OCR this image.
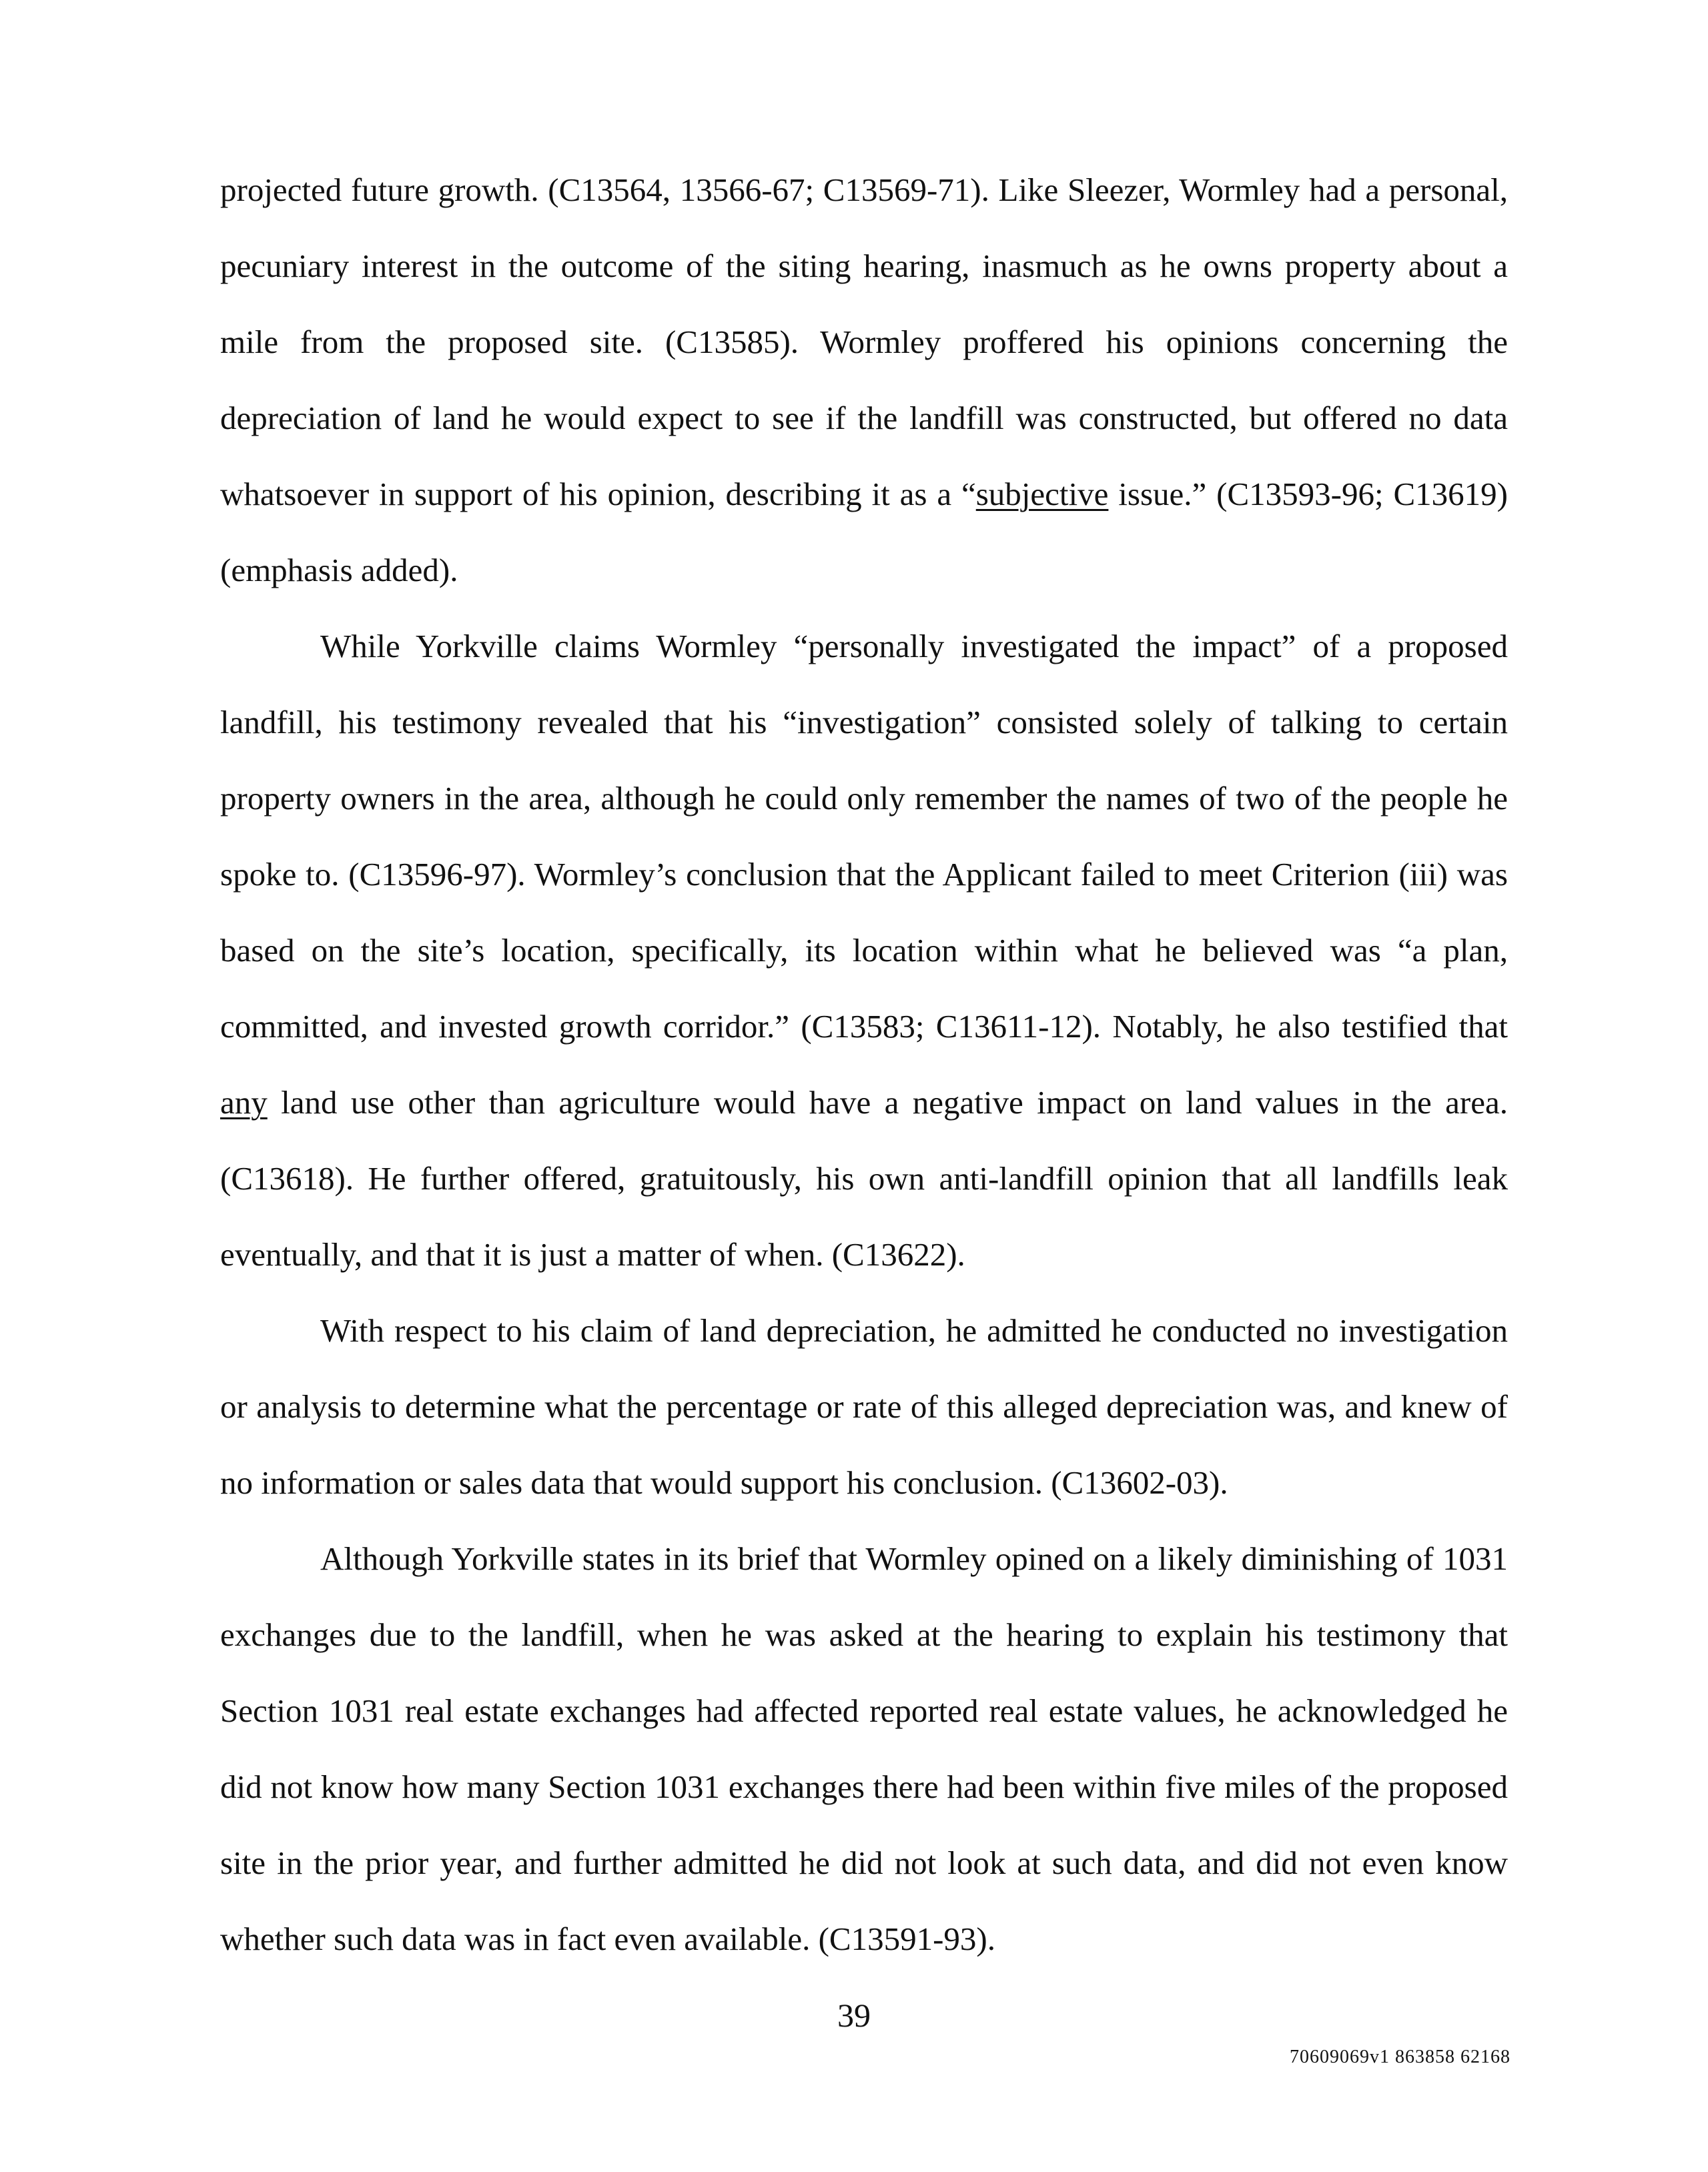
projected future growth. (C13564, 13566-67; C13569-71). Like Sleezer, Wormley had a personal, pecuniary interest in the outcome of the siting hearing, inasmuch as he owns property about a mile from the proposed site. (C13585). Wormley proffered his opinions concerning the depreciation of land he would expect to see if the landfill was constructed, but offered no data whatsoever in support of his opinion, describing it as a “subjective issue.” (C13593-96; C13619) (emphasis added).

While Yorkville claims Wormley “personally investigated the impact” of a proposed landfill, his testimony revealed that his “investigation” consisted solely of talking to certain property owners in the area, although he could only remember the names of two of the people he spoke to. (C13596-97). Wormley’s conclusion that the Applicant failed to meet Criterion (iii) was based on the site’s location, specifically, its location within what he believed was “a plan, committed, and invested growth corridor.” (C13583; C13611-12). Notably, he also testified that any land use other than agriculture would have a negative impact on land values in the area. (C13618). He further offered, gratuitously, his own anti-landfill opinion that all landfills leak eventually, and that it is just a matter of when. (C13622).

With respect to his claim of land depreciation, he admitted he conducted no investigation or analysis to determine what the percentage or rate of this alleged depreciation was, and knew of no information or sales data that would support his conclusion. (C13602-03).

Although Yorkville states in its brief that Wormley opined on a likely diminishing of 1031 exchanges due to the landfill, when he was asked at the hearing to explain his testimony that Section 1031 real estate exchanges had affected reported real estate values, he acknowledged he did not know how many Section 1031 exchanges there had been within five miles of the proposed site in the prior year, and further admitted he did not look at such data, and did not even know whether such data was in fact even available. (C13591-93).

39
70609069v1 863858 62168
